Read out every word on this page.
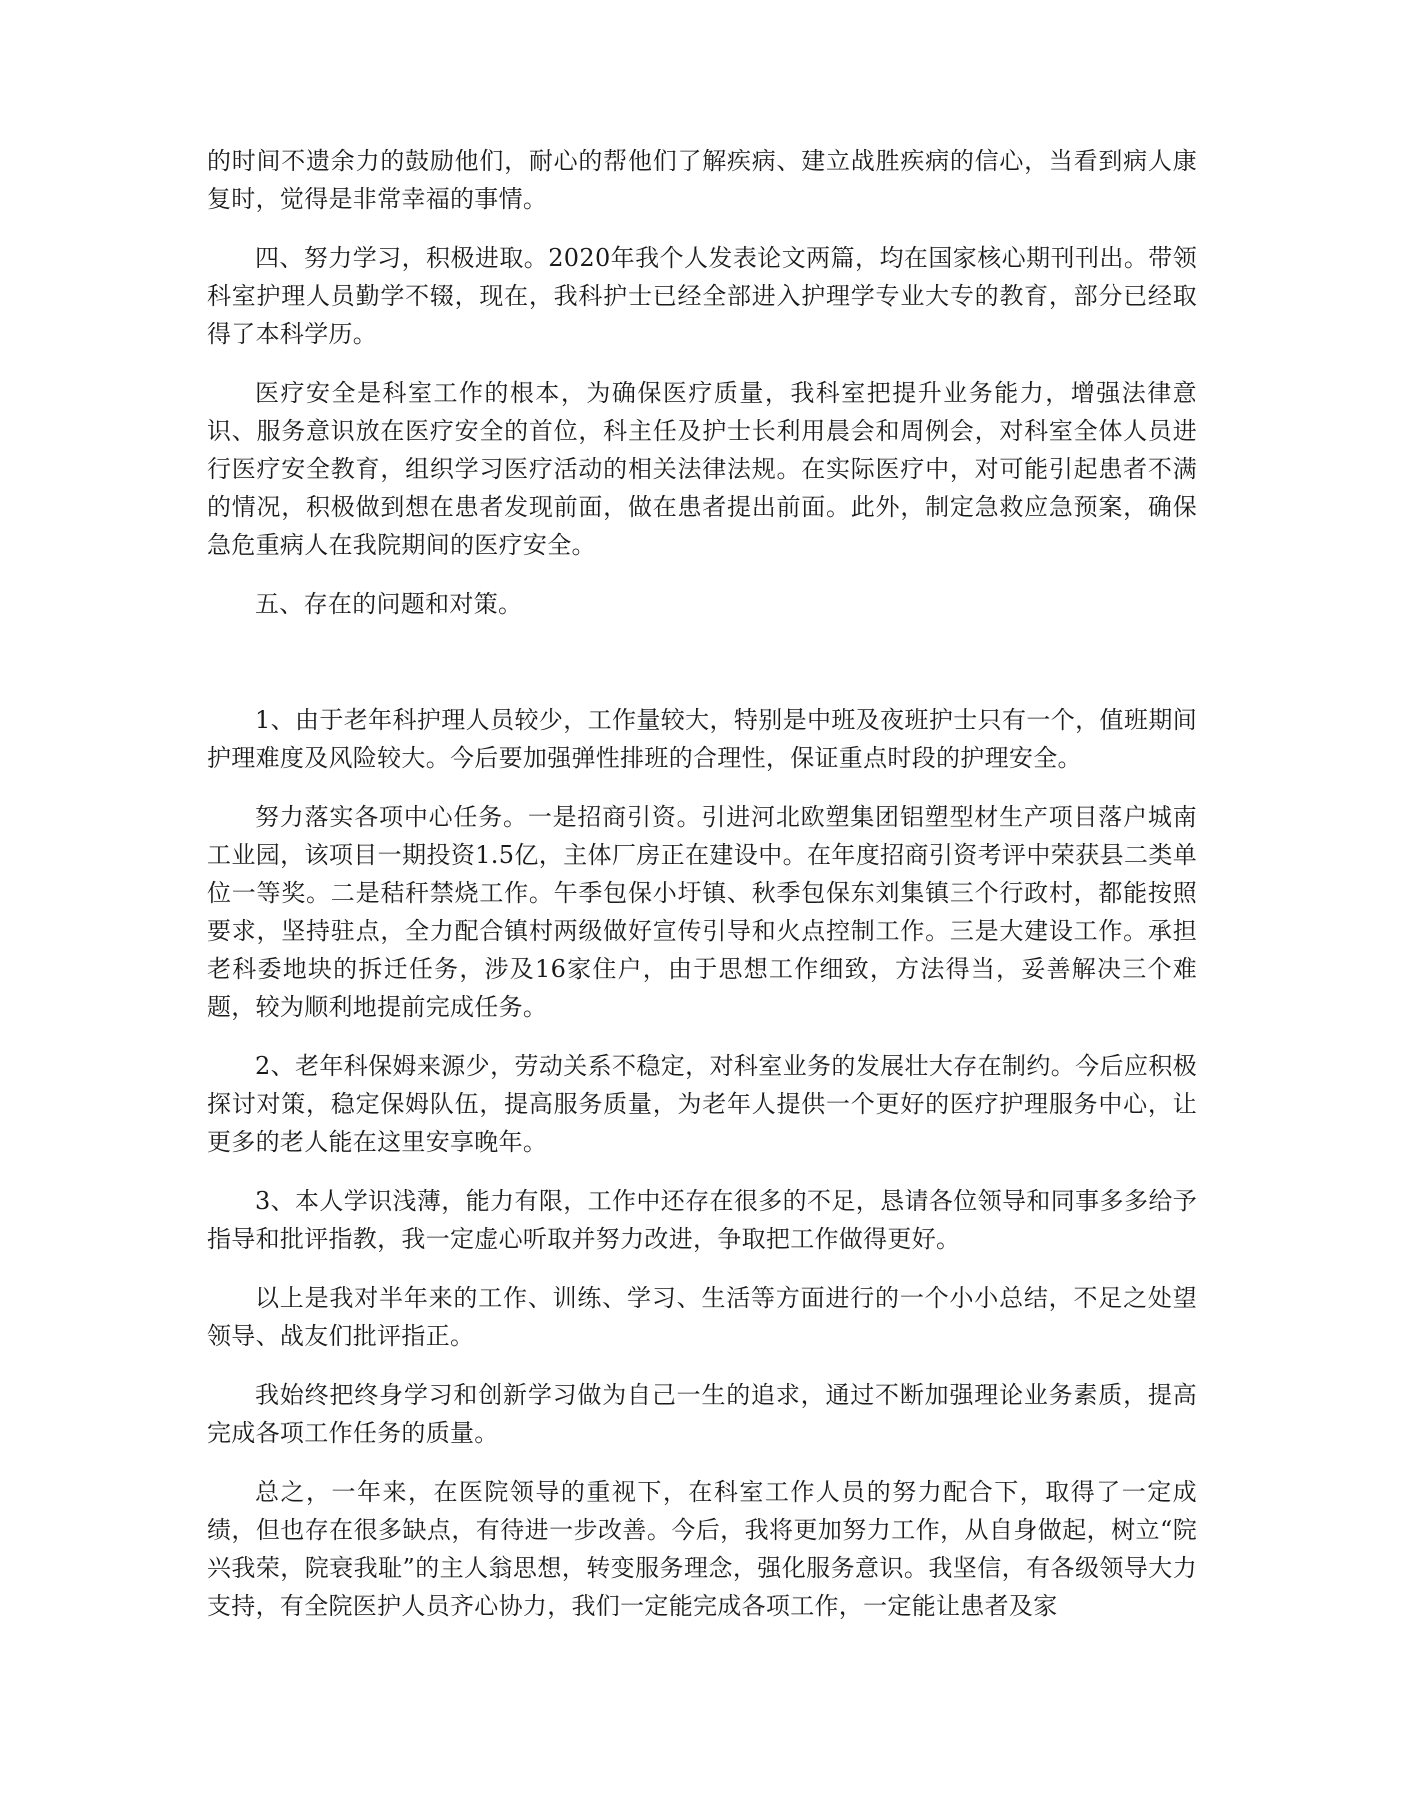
的时间不遗余力的鼓励他们，耐心的帮他们了解疾病、建立战胜疾病的信心，当看到病人康复时，觉得是非常幸福的事情。

四、努力学习，积极进取。2020年我个人发表论文两篇，均在国家核心期刊刊出。带领科室护理人员勤学不辍，现在，我科护士已经全部进入护理学专业大专的教育，部分已经取得了本科学历。

医疗安全是科室工作的根本，为确保医疗质量，我科室把提升业务能力，增强法律意识、服务意识放在医疗安全的首位，科主任及护士长利用晨会和周例会，对科室全体人员进行医疗安全教育，组织学习医疗活动的相关法律法规。在实际医疗中，对可能引起患者不满的情况，积极做到想在患者发现前面，做在患者提出前面。此外，制定急救应急预案，确保急危重病人在我院期间的医疗安全。

五、存在的问题和对策。

1、由于老年科护理人员较少，工作量较大，特别是中班及夜班护士只有一个，值班期间护理难度及风险较大。今后要加强弹性排班的合理性，保证重点时段的护理安全。

努力落实各项中心任务。一是招商引资。引进河北欧塑集团铝塑型材生产项目落户城南工业园，该项目一期投资1.5亿，主体厂房正在建设中。在年度招商引资考评中荣获县二类单位一等奖。二是秸秆禁烧工作。午季包保小圩镇、秋季包保东刘集镇三个行政村，都能按照要求，坚持驻点，全力配合镇村两级做好宣传引导和火点控制工作。三是大建设工作。承担老科委地块的拆迁任务，涉及16家住户，由于思想工作细致，方法得当，妥善解决三个难题，较为顺利地提前完成任务。

2、老年科保姆来源少，劳动关系不稳定，对科室业务的发展壮大存在制约。今后应积极探讨对策，稳定保姆队伍，提高服务质量，为老年人提供一个更好的医疗护理服务中心，让更多的老人能在这里安享晚年。

3、本人学识浅薄，能力有限，工作中还存在很多的不足，恳请各位领导和同事多多给予指导和批评指教，我一定虚心听取并努力改进，争取把工作做得更好。

以上是我对半年来的工作、训练、学习、生活等方面进行的一个小小总结，不足之处望领导、战友们批评指正。

我始终把终身学习和创新学习做为自己一生的追求，通过不断加强理论业务素质，提高完成各项工作任务的质量。

总之，一年来，在医院领导的重视下，在科室工作人员的努力配合下，取得了一定成绩，但也存在很多缺点，有待进一步改善。今后，我将更加努力工作，从自身做起，树立“院兴我荣，院衰我耻”的主人翁思想，转变服务理念，强化服务意识。我坚信，有各级领导大力支持，有全院医护人员齐心协力，我们一定能完成各项工作，一定能让患者及家
